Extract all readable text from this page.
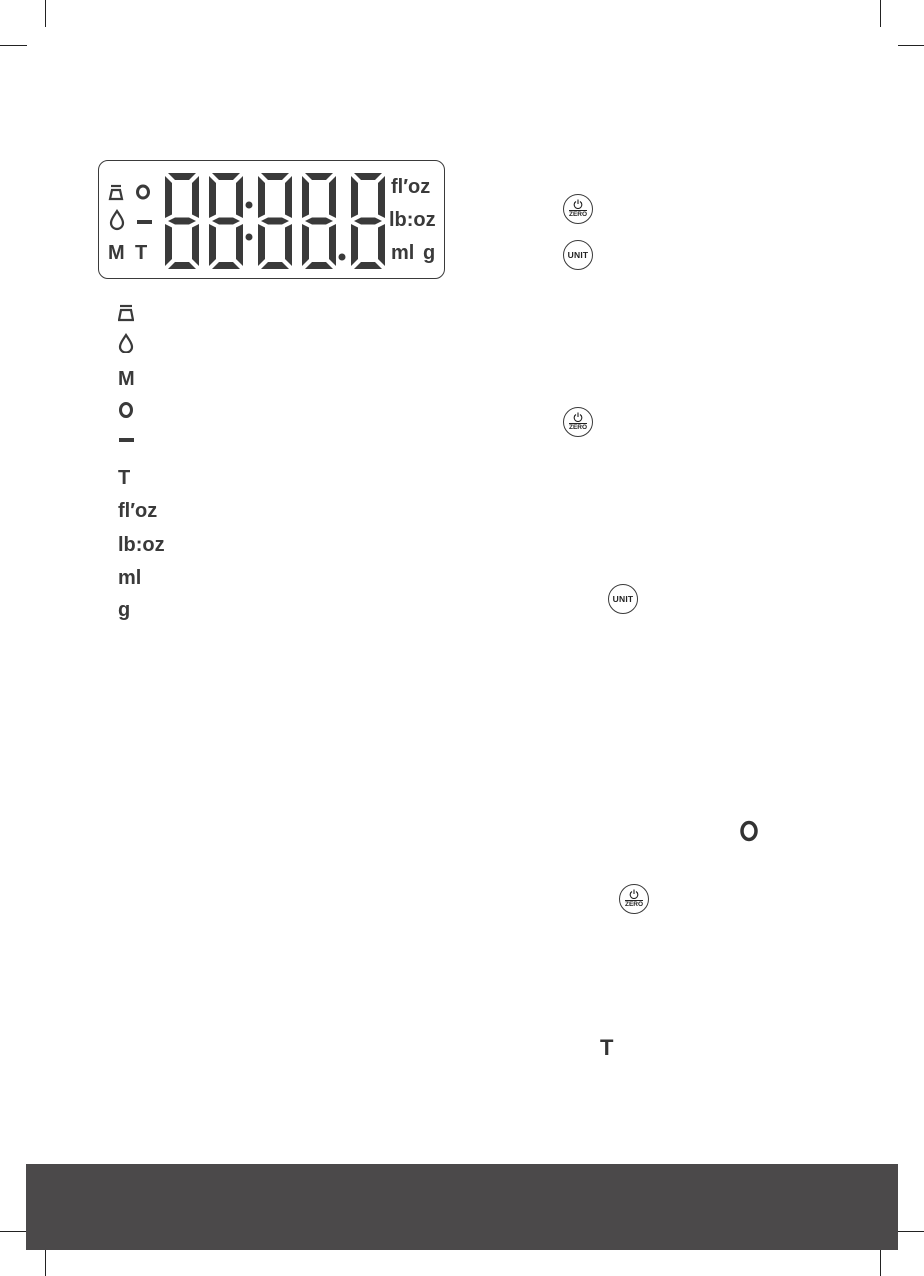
M T
fl′oz
lb:oz
ml g
M
T
fl′oz
lb:oz
ml
g
ZERO
UNIT
ZERO
UNIT
ZERO
T
